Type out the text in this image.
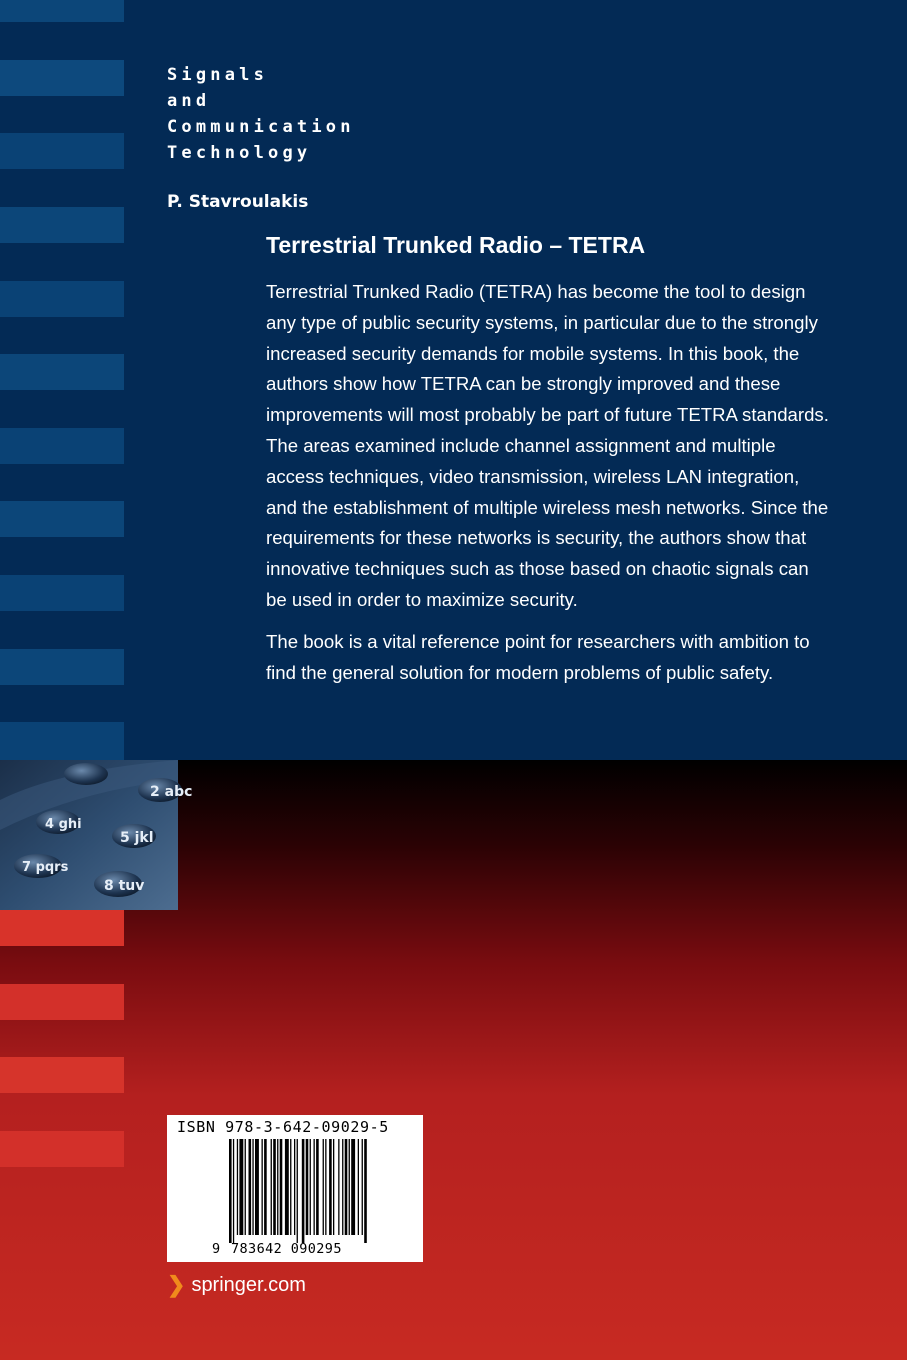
Signals
and
Communication
Technology
P. Stavroulakis
Terrestrial Trunked Radio – TETRA

Terrestrial Trunked Radio (TETRA) has become the tool to design any type of public security systems, in particular due to the strongly increased security demands for mobile systems. In this book, the authors show how TETRA can be strongly improved and these improvements will most probably be part of future TETRA standards. The areas examined include channel assignment and multiple access techniques, video transmission, wireless LAN integration, and the establishment of multiple wireless mesh networks. Since the requirements for these networks is security, the authors show that innovative techniques such as those based on chaotic signals can be used in order to maximize security.

The book is a vital reference point for researchers with ambition to find the general solution for modern problems of public safety.

2 abc
4 ghi
5 jkl
7 pqrs
8 tuv
ISBN 978-3-642-09029-5
9 783642 090295
❯ springer.com
